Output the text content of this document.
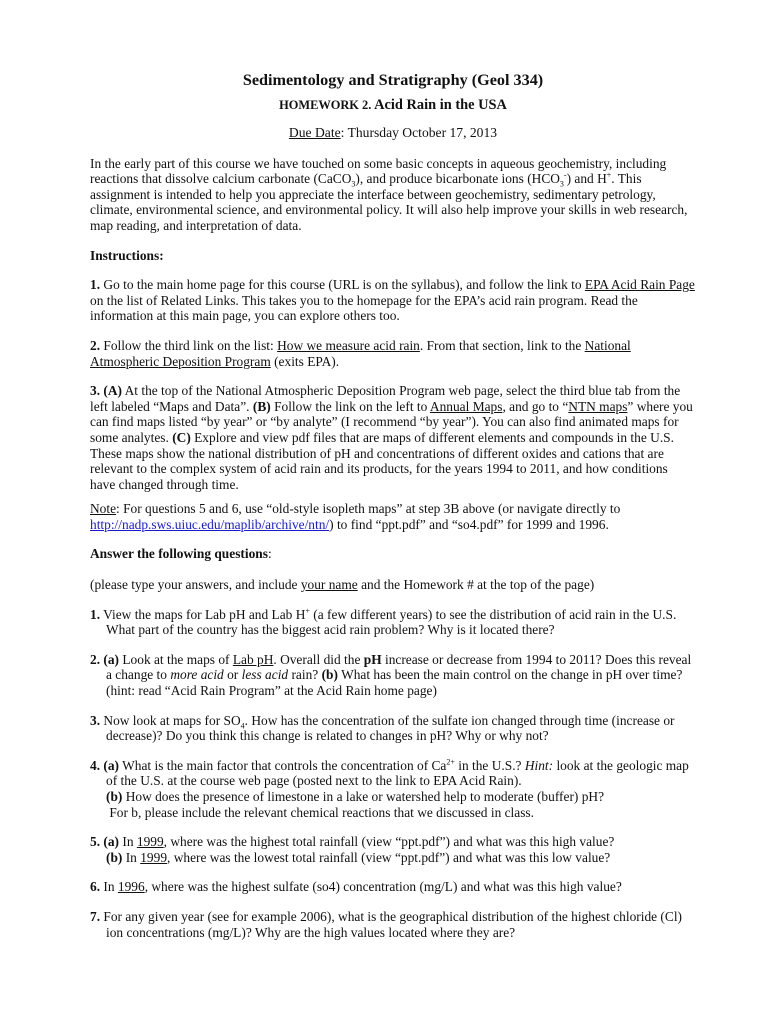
Sedimentology and Stratigraphy (Geol 334)
HOMEWORK 2. Acid Rain in the USA
Due Date: Thursday October 17, 2013

In the early part of this course we have touched on some basic concepts in aqueous geochemistry, including reactions that dissolve calcium carbonate (CaCO$_3$), and produce bicarbonate ions $(HCO_3^-)$ and H+. This assignment is intended to help you appreciate the interface between geochemistry, sedimentary petrology, climate, environmental science, and environmental policy. It will also help improve your skills in web research, map reading, and interpretation of data.

Instructions:

1. Go to the main home page for this course (URL is on the syllabus), and follow the link to EPA Acid Rain Page on the list of Related Links. This takes you to the homepage for the EPA’s acid rain program. Read the information at this main page, you can explore others too.

2. Follow the third link on the list: How we measure acid rain. From that section, link to the National Atmospheric Deposition Program (exits EPA).

3. (A) At the top of the National Atmospheric Deposition Program web page, select the third blue tab from the left labeled “Maps and Data”. (B) Follow the link on the left to Annual Maps, and go to “NTN maps” where you can find maps listed “by year” or “by analyte” (I recommend “by year”). You can also find animated maps for some analytes. (C) Explore and view pdf files that are maps of different elements and compounds in the U.S. These maps show the national distribution of pH and concentrations of different oxides and cations that are relevant to the complex system of acid rain and its products, for the years 1994 to 2011, and how conditions have changed through time.

Note: For questions 5 and 6, use “old-style isopleth maps” at step 3B above (or navigate directly to http://nadp.sws.uiuc.edu/maplib/archive/ntn/) to find “ppt.pdf” and “so4.pdf” for 1999 and 1996.

Answer the following questions:

(please type your answers, and include your name and the Homework # at the top of the page)

1. View the maps for Lab pH and Lab H+ (a few different years) to see the distribution of acid rain in the U.S. What part of the country has the biggest acid rain problem? Why is it located there?

2. (a) Look at the maps of Lab pH. Overall did the pH increase or decrease from 1994 to 2011? Does this reveal a change to more acid or less acid rain? (b) What has been the main control on the change in pH over time? (hint: read “Acid Rain Program” at the Acid Rain home page)

3. Now look at maps for $SO_4$. How has the concentration of the sulfate ion changed through time (increase or decrease)? Do you think this change is related to changes in pH? Why or why not?

4. (a) What is the main factor that controls the concentration of $Ca^{2+}$ in the U.S.? Hint: look at the geologic map of the U.S. at the course web page (posted next to the link to EPA Acid Rain).
(b) How does the presence of limestone in a lake or watershed help to moderate (buffer) pH?
For b, please include the relevant chemical reactions that we discussed in class.

5. (a) In 1999, where was the highest total rainfall (view “ppt.pdf”) and what was this high value?
(b) In 1999, where was the lowest total rainfall (view “ppt.pdf”) and what was this low value?

6. In 1996, where was the highest sulfate (so4) concentration (mg/L) and what was this high value?

7. For any given year (see for example 2006), what is the geographical distribution of the highest chloride (Cl) ion concentrations (mg/L)? Why are the high values located where they are?
